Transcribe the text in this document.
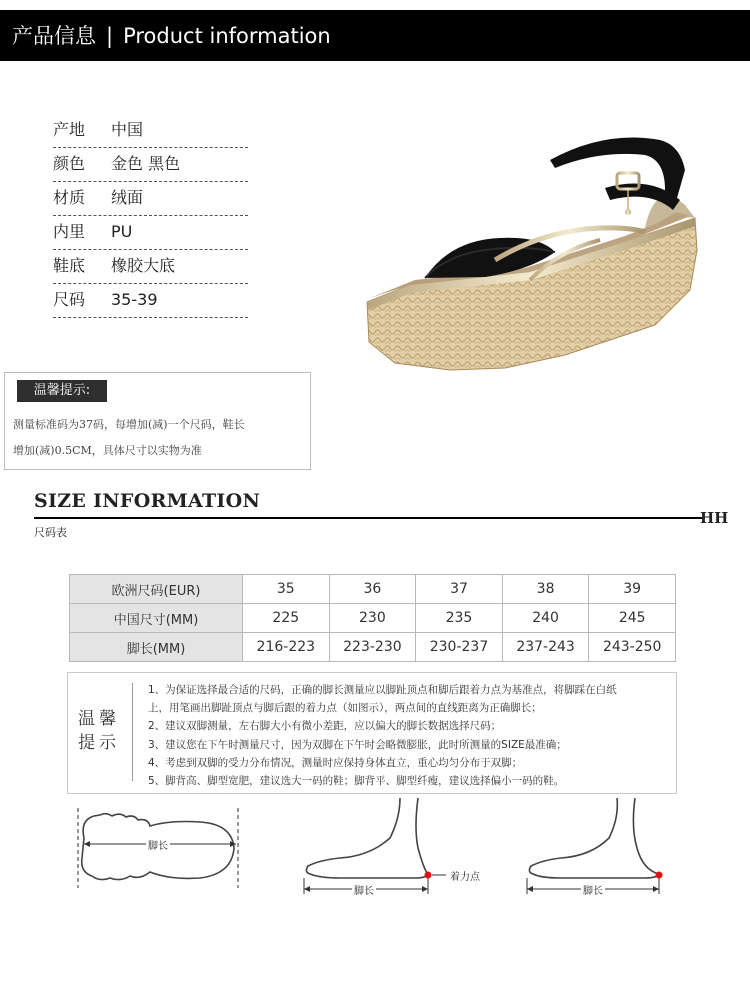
产品信息 | Product information
产地	中国
颜色	金色 黑色
材质	绒面
内里	PU
鞋底	橡胶大底
尺码	35-39
温馨提示:
测量标准码为37码，每增加(减)一个尺码，鞋长
增加(减)0.5CM，具体尺寸以实物为准
SIZE INFORMATION
HH
尺码表
欧洲尺码(EUR)	35	36	37	38	39
中国尺寸(MM)	225	230	235	240	245
脚长(MM)	216-223	223-230	230-237	237-243	243-250
温馨
提示
1、为保证选择最合适的尺码，正确的脚长测量应以脚趾顶点和脚后跟着力点为基准点，将脚踩在白纸
上，用笔画出脚趾顶点与脚后跟的着力点（如图示），两点间的直线距离为正确脚长；
2、建议双脚测量，左右脚大小有微小差距，应以偏大的脚长数据选择尺码；
3、建议您在下午时测量尺寸，因为双脚在下午时会略微膨胀，此时所测量的SIZE最准确；
4、考虑到双脚的受力分布情况，测量时应保持身体直立，重心均匀分布于双脚；
5、脚背高、脚型宽肥，建议选大一码的鞋；脚背平、脚型纤瘦，建议选择偏小一码的鞋。
脚长
脚长
着力点
脚长
